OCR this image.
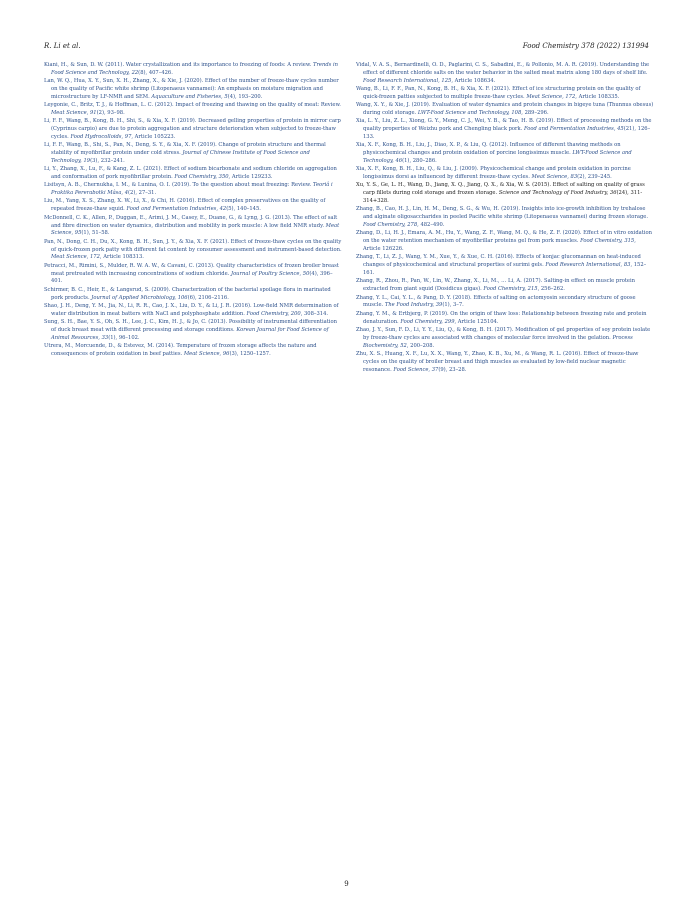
R. Li et al.	Food Chemistry 378 (2022) 131994

Kiani, H., & Sun, D. W. (2011). Water crystallization and its importance to freezing of foods: A review. Trends in Food Science and Technology, 22(8), 407–426.

Lan, W. Q., Hua, X. Y., Sun, X. H., Zhang, X., & Xie, J. (2020). Effect of the number of freeze-thaw cycles number on the quality of Pacific white shrimp (Litopenaeus vannamei): An emphasis on moisture migration and microstructure by LF-NMR and SEM. Aquaculture and Fisheries, 5(4), 193–200.

Leygonie, C., Britz, T. J., & Hoffman, L. C. (2012). Impact of freezing and thawing on the quality of meat: Review. Meat Science, 91(2), 93–98.

Li, F. F., Wang, B., Kong, B. H., Shi, S., & Xia, X. F. (2019). Decreased gelling properties of protein in mirror carp (Cyprinus carpio) are due to protein aggregation and structure deterioration when subjected to freeze-thaw cycles. Food Hydrocolloids, 97, Article 105223.

Li, F. F., Wang, B., Shi, S., Pan, N., Deng, S. Y., & Xia, X. F. (2019). Change of protein structure and thermal stability of myofibrillar protein under cold stress. Journal of Chinese Institute of Food Science and Technology, 19(3), 232–241.

Li, Y., Zhang, X., Lu, F., & Kang, Z. L. (2021). Effect of sodium bicarbonate and sodium chloride on aggregation and conformation of pork myofibrillar protein. Food Chemistry, 350, Article 129233.

Lisitsyn, A. B., Chernukha, I. M., & Lunina, O. I. (2019). To the question about meat freezing: Review. Teoriâ i Praktika Pererabotki Mâsa, 4(2), 27–31.

Liu, M., Yang, X. S., Zhang, X. W., Li, X., & Chi, H. (2016). Effect of complex preservatives on the quality of repeated freeze-thaw squid. Food and Fermentation Industries, 42(5), 140–145.

McDonnell, C. K., Allen, P., Duggan, E., Arimi, J. M., Casey, E., Duane, G., & Lyng, J. G. (2013). The effect of salt and fibre direction on water dynamics, distribution and mobility in pork muscle: A low field NMR study. Meat Science, 95(1), 51–58.

Pan, N., Dong, C. H., Du, X., Kong, B. H., Sun, J. Y., & Xia, X. F. (2021). Effect of freeze-thaw cycles on the quality of quick-frozen pork patty with different fat content by consumer assessment and instrument-based detection. Meat Science, 172, Article 108313.

Petracci, M., Rimini, S., Mulder, R. W. A. W., & Cavani, C. (2013). Quality characteristics of frozen broiler breast meat pretreated with increasing concentrations of sodium chloride. Journal of Poultry Science, 50(4), 396–401.

Schirmer, B. C., Heir, E., & Langsrud, S. (2009). Characterization of the bacterial spoilage flora in marinated pork products. Journal of Applied Microbiology, 106(6), 2106–2116.

Shao, J. H., Deng, Y. M., Jia, N., Li, R. R., Cao, J. X., Liu, D. Y., & Li, J. R. (2016). Low-field NMR determination of water distribution in meat batters with NaCl and polyphosphate addition. Food Chemistry, 200, 308–314.

Sung, S. H., Bae, Y. S., Oh, S. H., Lee, J. C., Kim, H. J., & Jo, C. (2013). Possibility of instrumental differentiation of duck breast meat with different processing and storage conditions. Korean Journal for Food Science of Animal Resources, 33(1), 96–102.

Utrera, M., Morcuende, D., & Estevez, M. (2014). Temperature of frozen storage affects the nature and consequences of protein oxidation in beef patties. Meat Science, 96(3), 1250–1257.

Vidal, V. A. S., Bernardinelli, O. D., Paglarini, C. S., Sabadini, E., & Pollonio, M. A. R. (2019). Understanding the effect of different chloride salts on the water behavior in the salted meat matrix along 180 days of shelf life. Food Research International, 125, Article 108634.

Wang, B., Li, F. F., Pan, N., Kong, B. H., & Xia, X. F. (2021). Effect of ice structuring protein on the quality of quick-frozen patties subjected to multiple freeze-thaw cycles. Meat Science, 172, Article 108335.

Wang, X. Y., & Xie, J. (2019). Evaluation of water dynamics and protein changes in bigeye tuna (Thunnus obesus) during cold storage. LWT-Food Science and Technology, 108, 289–296.

Xia, L. Y., Liu, Z. L., Xiong, G. Y., Meng, C. J., Wei, Y. B., & Tao, H. B. (2019). Effect of processing methods on the quality properties of Weizhu pork and Chengling black pork. Food and Fermentation Industries, 45(21), 126–133.

Xia, X. F., Kong, B. H., Liu, J., Diao, X. P., & Liu, Q. (2012). Influence of different thawing methods on physicochemical changes and protein oxidation of porcine longissimus muscle. LWT-Food Science and Technology, 46(1), 280–286.

Xia, X. F., Kong, B. H., Liu, Q., & Liu, J. (2009). Physicochemical change and protein oxidation in porcine longissimus dorsi as influenced by different freeze-thaw cycles. Meat Science, 83(2), 239–245.

Xu, Y. S., Ge, L. H., Wang, D., Jiang, X. Q., Jiang, Q. X., & Xia, W. S. (2015). Effect of salting on quality of grass carp fillets during cold storage and frozen storage. Science and Technology of Food Industry, 36(24), 311-314+328.

Zhang, B., Cao, H. J., Lin, H. M., Deng, S. G., & Wu, H. (2019). Insights into ice-growth inhibition by trehalose and alginate oligosaccharides in peeled Pacific white shrimp (Litopenaeus vannamei) during frozen storage. Food Chemistry, 278, 482–490.

Zhang, D., Li, H. J., Emara, A. M., Hu, Y., Wang, Z. F., Wang, M. Q., & He, Z. F. (2020). Effect of in vitro oxidation on the water retention mechanism of myofibrillar proteins gel from pork muscles. Food Chemistry, 315, Article 126226.

Zhang, T., Li, Z. J., Wang, Y. M., Xue, Y., & Xue, C. H. (2016). Effects of konjac glucomannan on heat-induced changes of physicochemical and structural properties of surimi gels. Food Research International, 83, 152–161.

Zhang, R., Zhou, R., Pan, W., Lin, W., Zhang, X., Li, M., … Li, A. (2017). Salting-in effect on muscle protein extracted from giant squid (Dosidicus gigas). Food Chemistry, 215, 256–262.

Zhang, Y. L., Cai, Y. L., & Pang, D. Y. (2018). Effects of salting on actomyosin secondary structure of goose muscle. The Food Industry, 39(1), 3–7.

Zhang, Y. M., & Ertbjerg, P. (2019). On the origin of thaw loss: Relationship between freezing rate and protein denaturation. Food Chemistry, 299, Article 125104.

Zhao, J. Y., Sun, F. D., Li, Y. Y., Liu, Q., & Kong, B. H. (2017). Modification of gel properties of soy protein isolate by freeze-thaw cycles are associated with changes of molecular force involved in the gelation. Process Biochemistry, 52, 200–208.

Zhu, X. S., Huang, X. F., Lu, X. X., Wang, Y., Zhao, K. B., Xu, M., & Wang, R. L. (2016). Effect of freeze-thaw cycles on the quality of broiler breast and thigh muscles as evaluated by low-field nuclear magnetic resonance. Food Science, 37(9), 23–28.

9
